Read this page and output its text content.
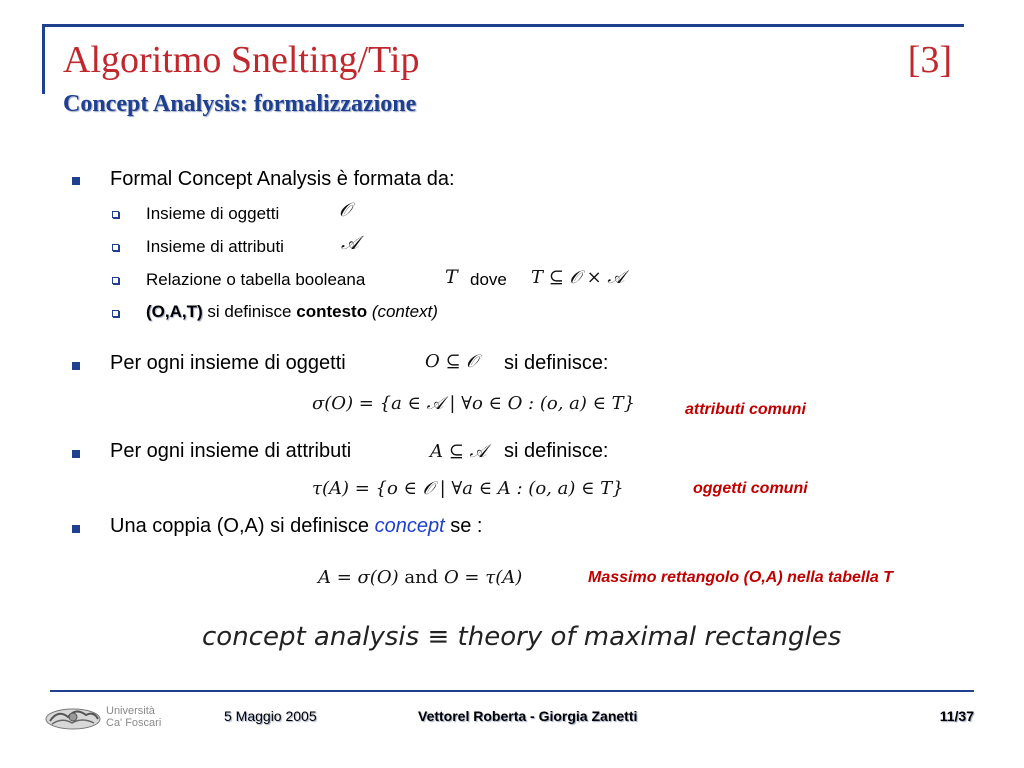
Algoritmo Snelting/Tip	[3]
Concept Analysis: formalizzazione
Formal Concept Analysis è formata da:
Insieme di oggetti	𝒪
Insieme di attributi	𝒜
Relazione o tabella booleana	T dove T ⊆ 𝒪 × 𝒜
(O,A,T) si definisce contesto (context)
Per ogni insieme di oggetti	O ⊆ 𝒪 si definisce:
σ(O) = {a ∈ 𝒜 | ∀o ∈ O : (o, a) ∈ T}	attributi comuni
Per ogni insieme di attributi	A ⊆ 𝒜 si definisce:
τ(A) = {o ∈ 𝒪 | ∀a ∈ A : (o, a) ∈ T}	oggetti comuni
Una coppia (O,A) si definisce concept se :
A = σ(O) and O = τ(A)	Massimo rettangolo (O,A) nella tabella T
concept analysis ≡ theory of maximal rectangles
Università
Ca' Foscari	5 Maggio 2005	Vettorel Roberta - Giorgia Zanetti	11/37
